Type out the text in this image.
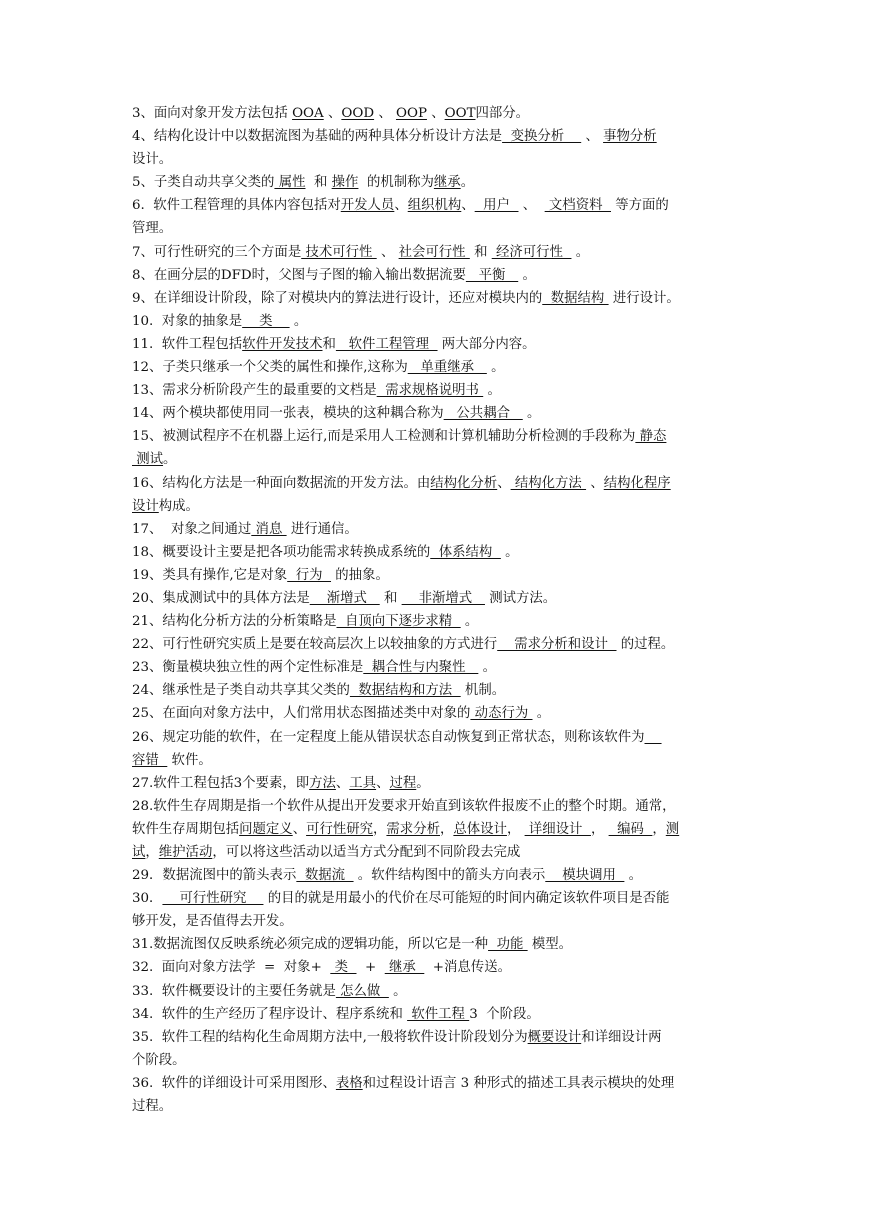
3、面向对象开发方法包括 OOA 、OOD 、 OOP 、OOT四部分。
4、结构化设计中以数据流图为基础的两种具体分析设计方法是  变换分析     、 事物分析
设计。
5、子类自动共享父类的 属性  和 操作  的机制称为继承。
6.  软件工程管理的具体内容包括对开发人员、组织机构、  用户   、   文档资料   等方面的
管理。
7、可行性研究的三个方面是 技术可行性  、 社会可行性  和  经济可行性   。
8、在画分层的DFD时，父图与子图的输入输出数据流要   平衡    。
9、在详细设计阶段，除了对模块内的算法进行设计，还应对模块内的  数据结构  进行设计。
10.  对象的抽象是    类     。
11.  软件工程包括软件开发技术和   软件工程管理   两大部分内容。
12、子类只继承一个父类的属性和操作,这称为   单重继承    。
13、需求分析阶段产生的最重要的文档是  需求规格说明书  。
14、两个模块都使用同一张表，模块的这种耦合称为   公共耦合    。
15、被测试程序不在机器上运行,而是采用人工检测和计算机辅助分析检测的手段称为 静态
测试。
16、结构化方法是一种面向数据流的开发方法。由结构化分析、 结构化方法  、结构化程序
设计构成。
17、  对象之间通过 消息  进行通信。
18、概要设计主要是把各项功能需求转换成系统的  体系结构   。
19、类具有操作,它是对象  行为   的抽象。
20、集成测试中的具体方法是    渐增式    和     非渐增式    测试方法。
21、结构化分析方法的分析策略是  自顶向下逐步求精   。
22、可行性研究实质上是要在较高层次上以较抽象的方式进行    需求分析和设计   的过程。
23、衡量模块独立性的两个定性标准是  耦合性与内聚性    。
24、继承性是子类自动共享其父类的  数据结构和方法   机制。
25、在面向对象方法中，人们常用状态图描述类中对象的 动态行为  。
26、规定功能的软件，在一定程度上能从错误状态自动恢复到正常状态，则称该软件为
容错   软件。
27.软件工程包括3个要素，即方法、工具、过程。
28.软件生存周期是指一个软件从提出开发要求开始直到该软件报废不止的整个时期。通常，
软件生存周期包括问题定义、可行性研究，需求分析，总体设计，  详细设计  ，   编码  ，测
试，维护活动，可以将这些活动以适当方式分配到不同阶段去完成
29．数据流图中的箭头表示  数据流   。软件结构图中的箭头方向表示    模块调用   。
30．    可行性研究     的目的就是用最小的代价在尽可能短的时间内确定该软件项目是否能
够开发，是否值得去开发。
31.数据流图仅反映系统必须完成的逻辑功能，所以它是一种  功能  模型。
32.  面向对象方法学  =  对象+   类    +   继承    +消息传送。
33.  软件概要设计的主要任务就是 怎么做   。
34.  软件的生产经历了程序设计、程序系统和  软件工程 3  个阶段。
35.  软件工程的结构化生命周期方法中,一般将软件设计阶段划分为概要设计和详细设计两
个阶段。
36.  软件的详细设计可采用图形、表格和过程设计语言 3 种形式的描述工具表示模块的处理
过程。
